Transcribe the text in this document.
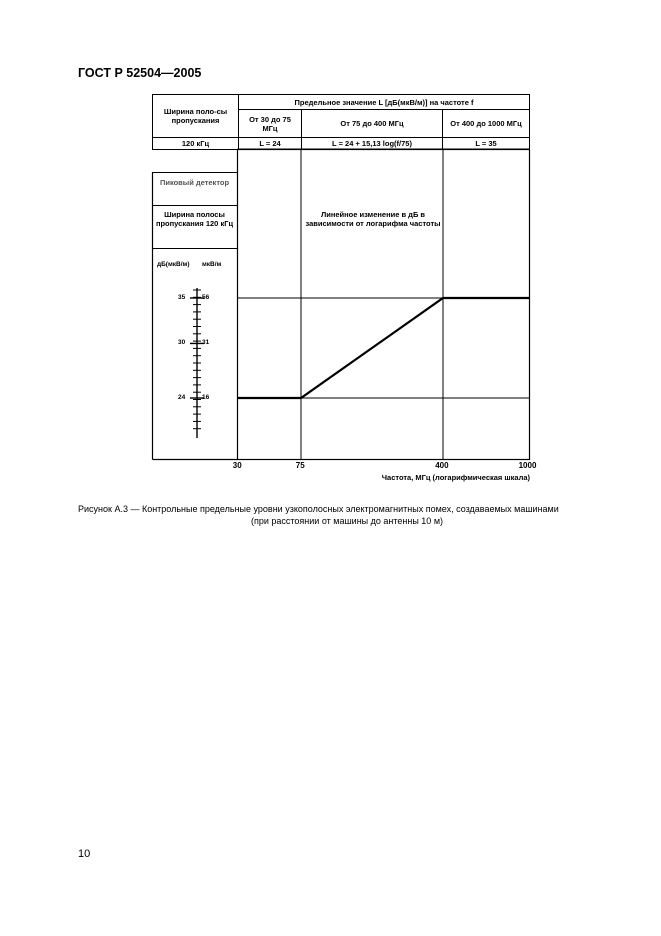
ГОСТ Р 52504—2005
Ширина поло-сы пропускания	Предельное значение L [дБ(мкВ/м)] на частоте f		
	От 30 до 75 МГц	От 75 до 400 МГц	От 400 до 1000 МГц
120 кГц	L = 24	L = 24 + 15,13 log(f/75)	L = 35
Пиковый детектор
Ширина полосы пропускания 120 кГц
дБ(мкВ/м) мкВ/м
24
30
35
16
31
56
Линейное изменение в дБ в зависимости от логарифма частоты
30	75	400	1000
Частота, МГц (логарифмическая шкала)
Рисунок А.3 — Контрольные предельные уровни узкополосных электромагнитных помех, создаваемых машинами
(при расстоянии от машины до антенны 10 м)
10
